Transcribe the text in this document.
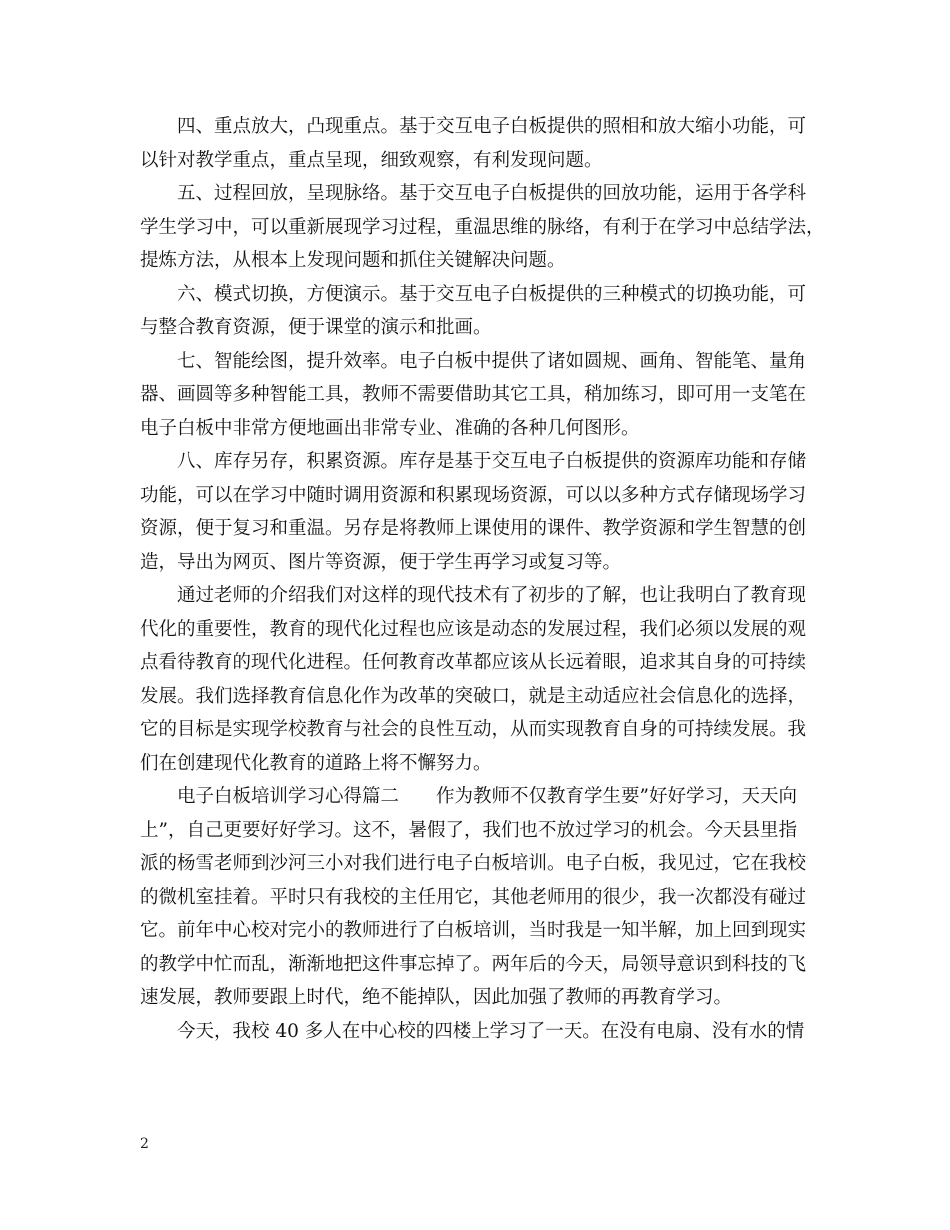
四、重点放大，凸现重点。基于交互电子白板提供的照相和放大缩小功能，可
以针对教学重点，重点呈现，细致观察，有利发现问题。
五、过程回放，呈现脉络。基于交互电子白板提供的回放功能，运用于各学科
学生学习中，可以重新展现学习过程，重温思维的脉络，有利于在学习中总结学法，
提炼方法，从根本上发现问题和抓住关键解决问题。
六、模式切换，方便演示。基于交互电子白板提供的三种模式的切换功能，可
与整合教育资源，便于课堂的演示和批画。
七、智能绘图，提升效率。电子白板中提供了诸如圆规、画角、智能笔、量角
器、画圆等多种智能工具，教师不需要借助其它工具，稍加练习，即可用一支笔在
电子白板中非常方便地画出非常专业、准确的各种几何图形。
八、库存另存，积累资源。库存是基于交互电子白板提供的资源库功能和存储
功能，可以在学习中随时调用资源和积累现场资源，可以以多种方式存储现场学习
资源，便于复习和重温。另存是将教师上课使用的课件、教学资源和学生智慧的创
造，导出为网页、图片等资源，便于学生再学习或复习等。
通过老师的介绍我们对这样的现代技术有了初步的了解，也让我明白了教育现
代化的重要性，教育的现代化过程也应该是动态的发展过程，我们必须以发展的观
点看待教育的现代化进程。任何教育改革都应该从长远着眼，追求其自身的可持续
发展。我们选择教育信息化作为改革的突破口，就是主动适应社会信息化的选择，
它的目标是实现学校教育与社会的良性互动，从而实现教育自身的可持续发展。我
们在创建现代化教育的道路上将不懈努力。
电子白板培训学习心得篇二　　作为教师不仅教育学生要”好好学习，天天向
上”，自己更要好好学习。这不，暑假了，我们也不放过学习的机会。今天县里指
派的杨雪老师到沙河三小对我们进行电子白板培训。电子白板，我见过，它在我校
的微机室挂着。平时只有我校的主任用它，其他老师用的很少，我一次都没有碰过
它。前年中心校对完小的教师进行了白板培训，当时我是一知半解，加上回到现实
的教学中忙而乱，渐渐地把这件事忘掉了。两年后的今天，局领导意识到科技的飞
速发展，教师要跟上时代，绝不能掉队，因此加强了教师的再教育学习。
今天，我校 40 多人在中心校的四楼上学习了一天。在没有电扇、没有水的情
2
